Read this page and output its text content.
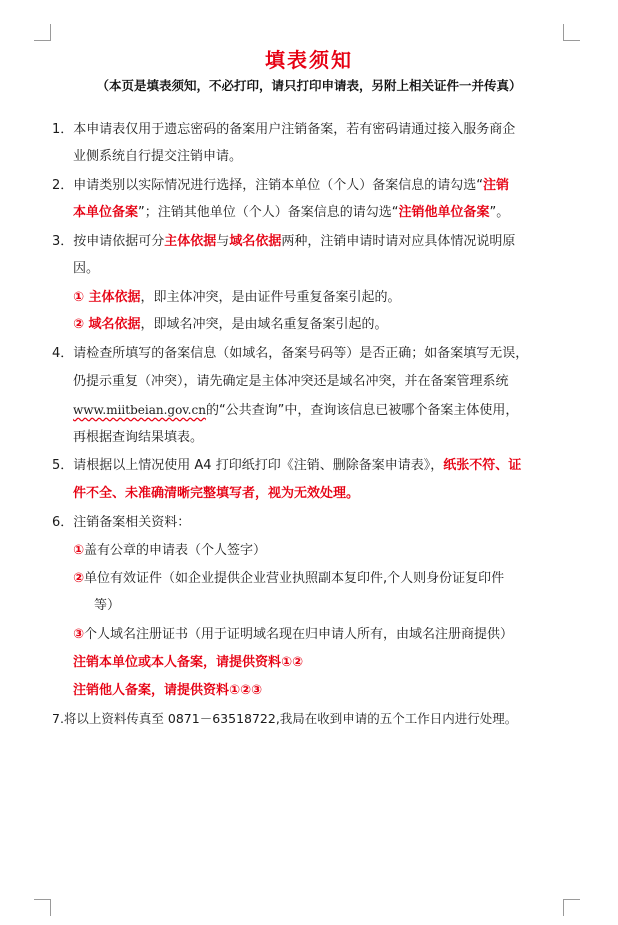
填表须知
（本页是填表须知，不必打印，请只打印申请表，另附上相关证件一并传真）
1．本申请表仅用于遗忘密码的备案用户注销备案，若有密码请通过接入服务商企
业侧系统自行提交注销申请。
2．申请类别以实际情况进行选择，注销本单位（个人）备案信息的请勾选“注销
本单位备案”；注销其他单位（个人）备案信息的请勾选“注销他单位备案”。
3．按申请依据可分主体依据与域名依据两种，注销申请时请对应具体情况说明原
因。
① 主体依据，即主体冲突，是由证件号重复备案引起的。
② 域名依据，即域名冲突，是由域名重复备案引起的。
4．请检查所填写的备案信息（如域名，备案号码等）是否正确；如备案填写无误，
仍提示重复（冲突），请先确定是主体冲突还是域名冲突，并在备案管理系统
www.miitbeian.gov.cn的“公共查询”中，查询该信息已被哪个备案主体使用，
再根据查询结果填表。
5．请根据以上情况使用 A4 打印纸打印《注销、删除备案申请表》，纸张不符、证
件不全、未准确清晰完整填写者，视为无效处理。
6．注销备案相关资料：
①盖有公章的申请表（个人签字）
②单位有效证件（如企业提供企业营业执照副本复印件,个人则身份证复印件
等）
③个人域名注册证书（用于证明域名现在归申请人所有，由域名注册商提供）
注销本单位或本人备案，请提供资料①②
注销他人备案，请提供资料①②③
7.将以上资料传真至 0871－63518722,我局在收到申请的五个工作日内进行处理。
